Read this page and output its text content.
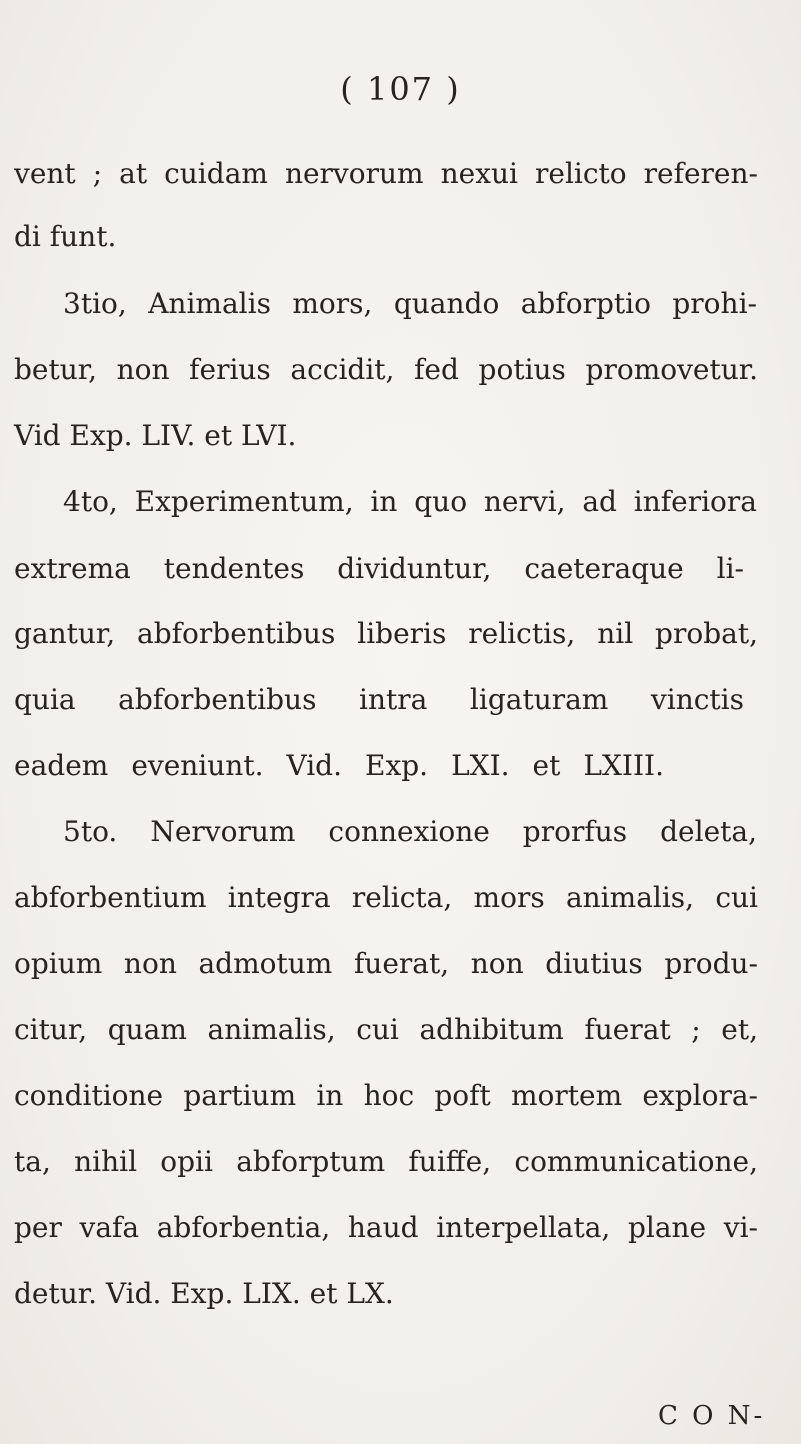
( 107 )
vent ; at cuidam nervorum nexui relicto referen-
di funt.
3tio, Animalis mors, quando abforptio prohi-
betur, non ferius accidit, fed potius promovetur.
Vid Exp. LIV. et LVI.
4to, Experimentum, in quo nervi, ad inferiora
extrema tendentes dividuntur, caeteraque li-
gantur, abforbentibus liberis relictis, nil probat,
quia abforbentibus intra ligaturam vinctis
eadem eveniunt. Vid. Exp. LXI. et LXIII.
5to. Nervorum connexione prorfus deleta,
abforbentium integra relicta, mors animalis, cui
opium non admotum fuerat, non diutius produ-
citur, quam animalis, cui adhibitum fuerat ; et,
conditione partium in hoc poft mortem explora-
ta, nihil opii abforptum fuiffe, communicatione,
per vafa abforbentia, haud interpellata, plane vi-
detur. Vid. Exp. LIX. et LX.
C O N-
